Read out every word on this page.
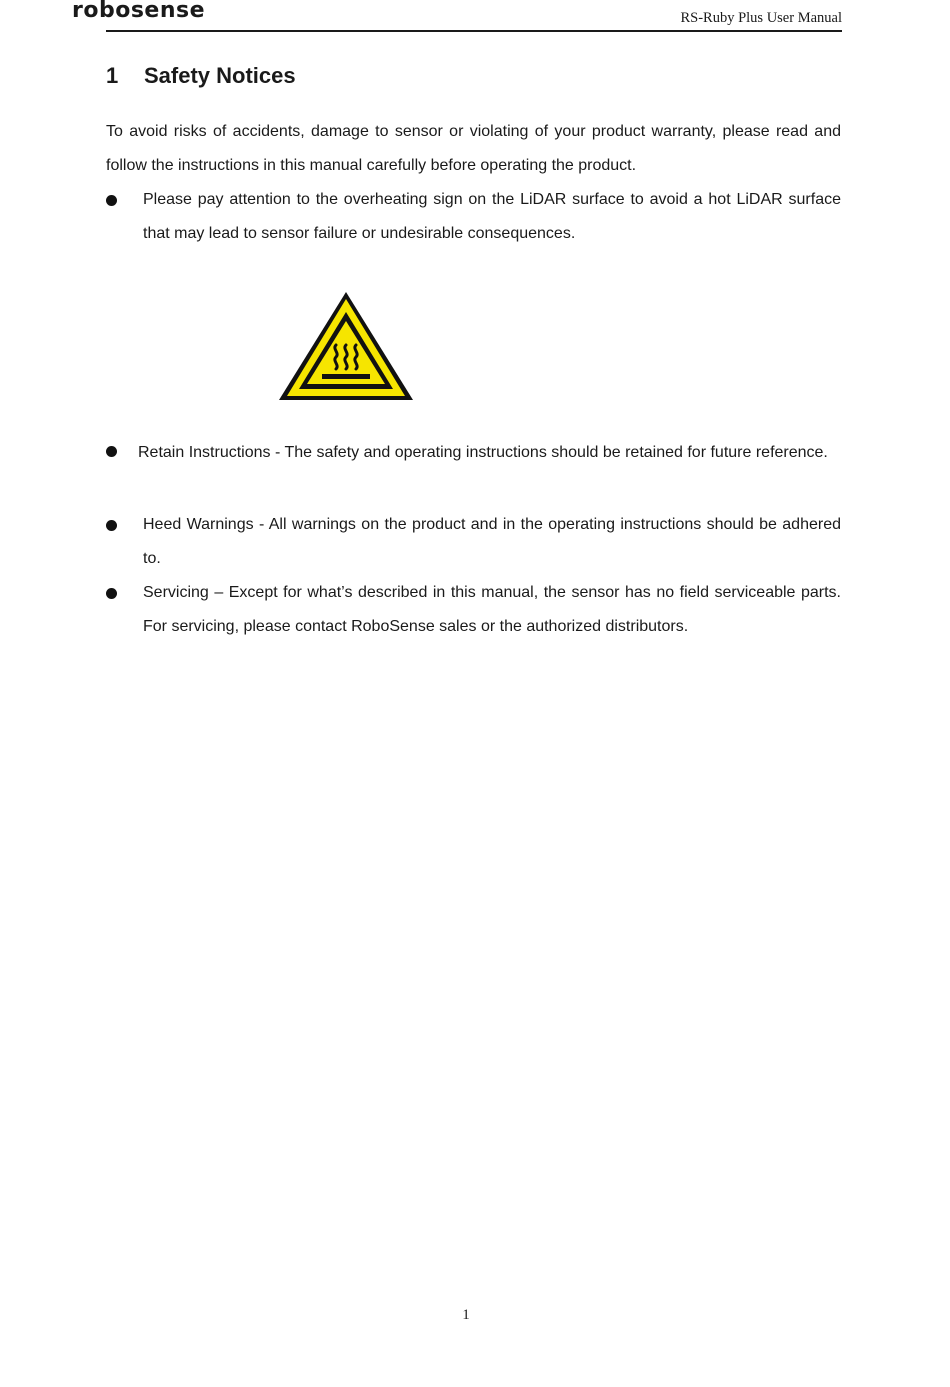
robosense	RS-Ruby Plus User Manual
1 Safety Notices
To avoid risks of accidents, damage to sensor or violating of your product warranty, please read and follow the instructions in this manual carefully before operating the product.
Please pay attention to the overheating sign on the LiDAR surface to avoid a hot LiDAR surface that may lead to sensor failure or undesirable consequences.
Retain Instructions - The safety and operating instructions should be retained for future reference.
Heed Warnings - All warnings on the product and in the operating instructions should be adhered to.
Servicing – Except for what’s described in this manual, the sensor has no field serviceable parts. For servicing, please contact RoboSense sales or the authorized distributors.
1
